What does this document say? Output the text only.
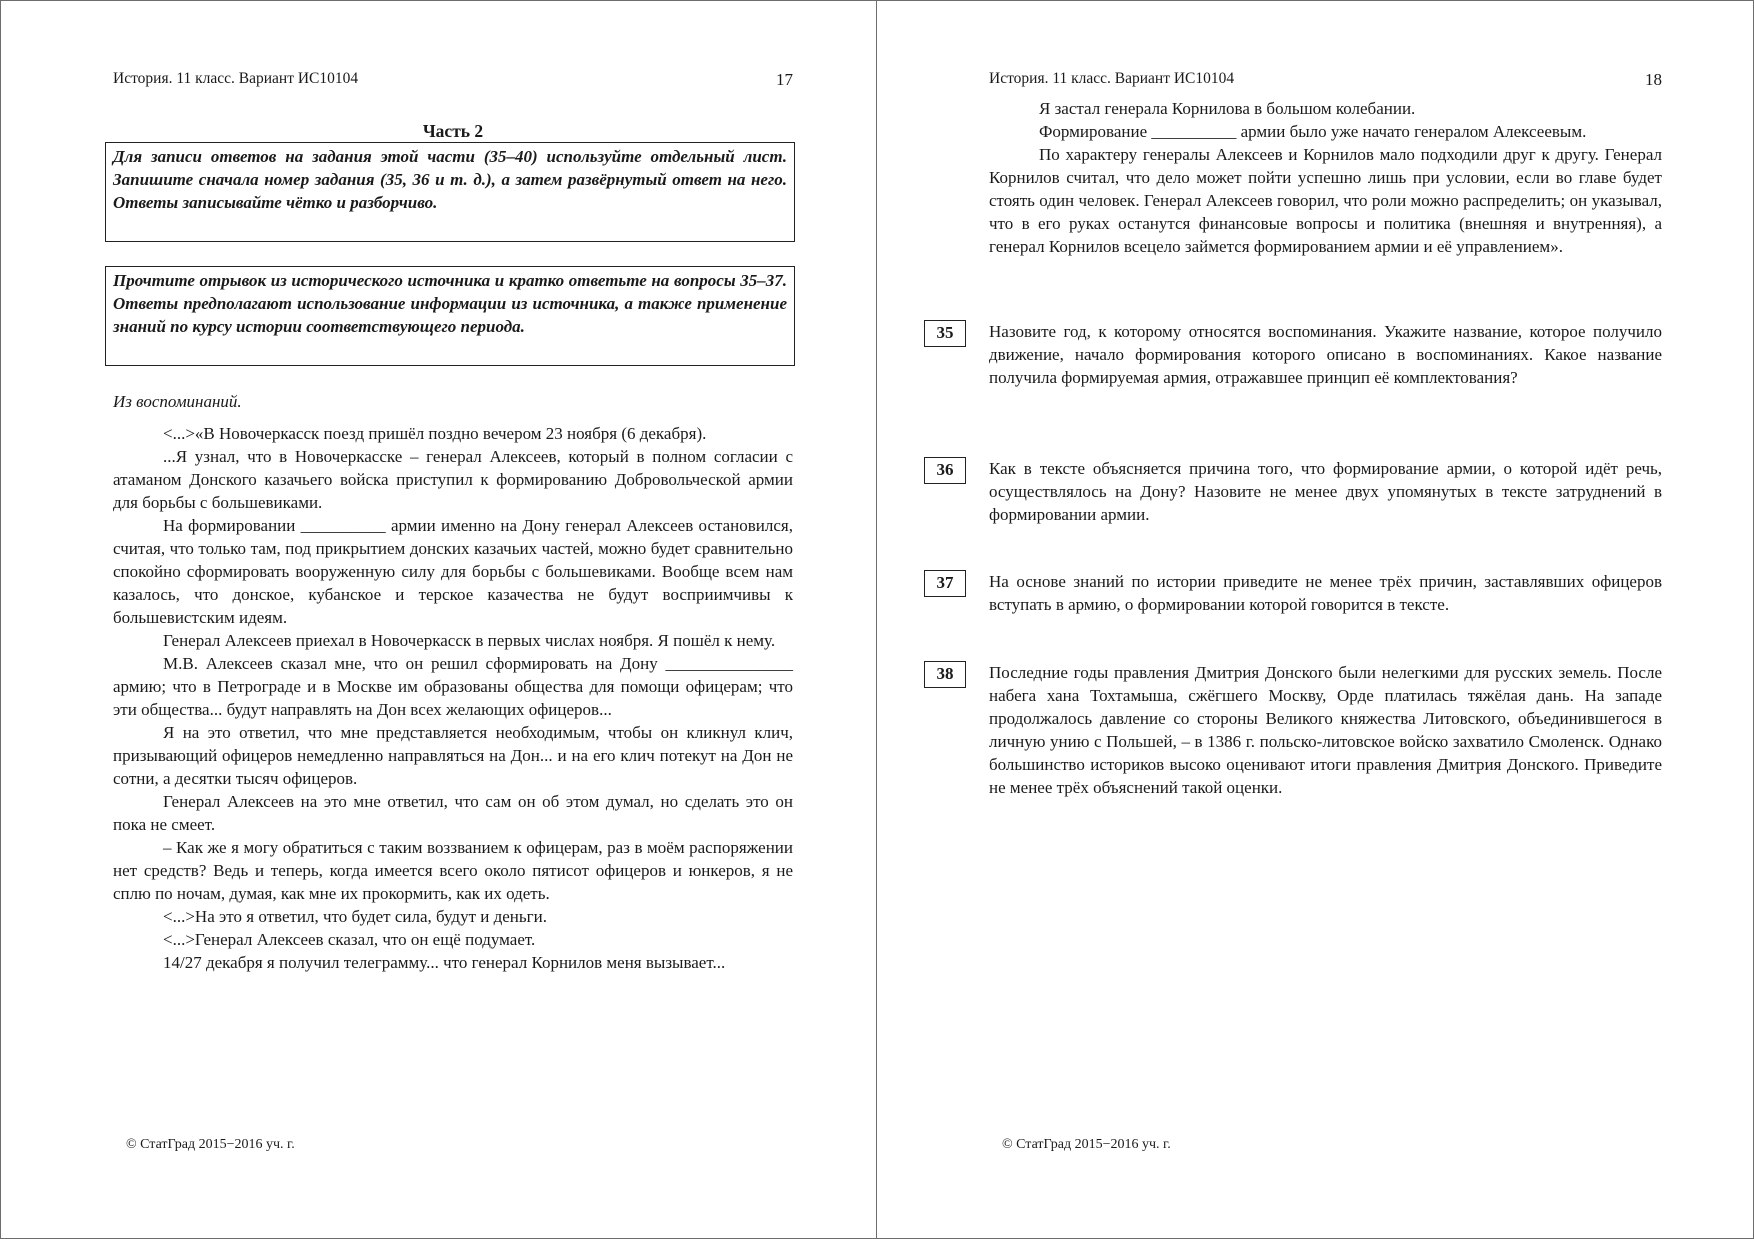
История. 11 класс. Вариант ИС10104	17
Часть 2
Для записи ответов на задания этой части (35–40) используйте отдельный лист. Запишите сначала номер задания (35, 36 и т. д.), а затем развёрнутый ответ на него. Ответы записывайте чётко и разборчиво.
Прочтите отрывок из исторического источника и кратко ответьте на вопросы 35–37. Ответы предполагают использование информации из источника, а также применение знаний по курсу истории соответствующего периода.
Из воспоминаний.

<...>«В Новочеркасск поезд пришёл поздно вечером 23 ноября (6 декабря).

...Я узнал, что в Новочеркасске – генерал Алексеев, который в полном согласии с атаманом Донского казачьего войска приступил к формированию Добровольческой армии для борьбы с большевиками.

На формировании __________ армии именно на Дону генерал Алексеев остановился, считая, что только там, под прикрытием донских казачьих частей, можно будет сравнительно спокойно сформировать вооруженную силу для борьбы с большевиками. Вообще всем нам казалось, что донское, кубанское и терское казачества не будут восприимчивы к большевистским идеям.

Генерал Алексеев приехал в Новочеркасск в первых числах ноября. Я пошёл к нему.

М.В. Алексеев сказал мне, что он решил сформировать на Дону _______________ армию; что в Петрограде и в Москве им образованы общества для помощи офицерам; что эти общества... будут направлять на Дон всех желающих офицеров...

Я на это ответил, что мне представляется необходимым, чтобы он кликнул клич, призывающий офицеров немедленно направляться на Дон... и на его клич потекут на Дон не сотни, а десятки тысяч офицеров.

Генерал Алексеев на это мне ответил, что сам он об этом думал, но сделать это он пока не смеет.

– Как же я могу обратиться с таким воззванием к офицерам, раз в моём распоряжении нет средств? Ведь и теперь, когда имеется всего около пятисот офицеров и юнкеров, я не сплю по ночам, думая, как мне их прокормить, как их одеть.

<...>На это я ответил, что будет сила, будут и деньги.

<...>Генерал Алексеев сказал, что он ещё подумает.

14/27 декабря я получил телеграмму... что генерал Корнилов меня вызывает...

© СтатГрад 2015−2016 уч. г.
История. 11 класс. Вариант ИС10104	18

Я застал генерала Корнилова в большом колебании.

Формирование __________ армии было уже начато генералом Алексеевым.

По характеру генералы Алексеев и Корнилов мало подходили друг к другу. Генерал Корнилов считал, что дело может пойти успешно лишь при условии, если во главе будет стоять один человек. Генерал Алексеев говорил, что роли можно распределить; он указывал, что в его руках останутся финансовые вопросы и политика (внешняя и внутренняя), а генерал Корнилов всецело займется формированием армии и её управлением».

35	Назовите год, к которому относятся воспоминания. Укажите название, которое получило движение, начало формирования которого описано в воспоминаниях. Какое название получила формируемая армия, отражавшее принцип её комплектования?
36	Как в тексте объясняется причина того, что формирование армии, о которой идёт речь, осуществлялось на Дону? Назовите не менее двух упомянутых в тексте затруднений в формировании армии.
37	На основе знаний по истории приведите не менее трёх причин, заставлявших офицеров вступать в армию, о формировании которой говорится в тексте.
38	Последние годы правления Дмитрия Донского были нелегкими для русских земель. После набега хана Тохтамыша, сжёгшего Москву, Орде платилась тяжёлая дань. На западе продолжалось давление со стороны Великого княжества Литовского, объединившегося в личную унию с Польшей, – в 1386 г. польско-литовское войско захватило Смоленск. Однако большинство историков высоко оценивают итоги правления Дмитрия Донского. Приведите не менее трёх объяснений такой оценки.
© СтатГрад 2015−2016 уч. г.
